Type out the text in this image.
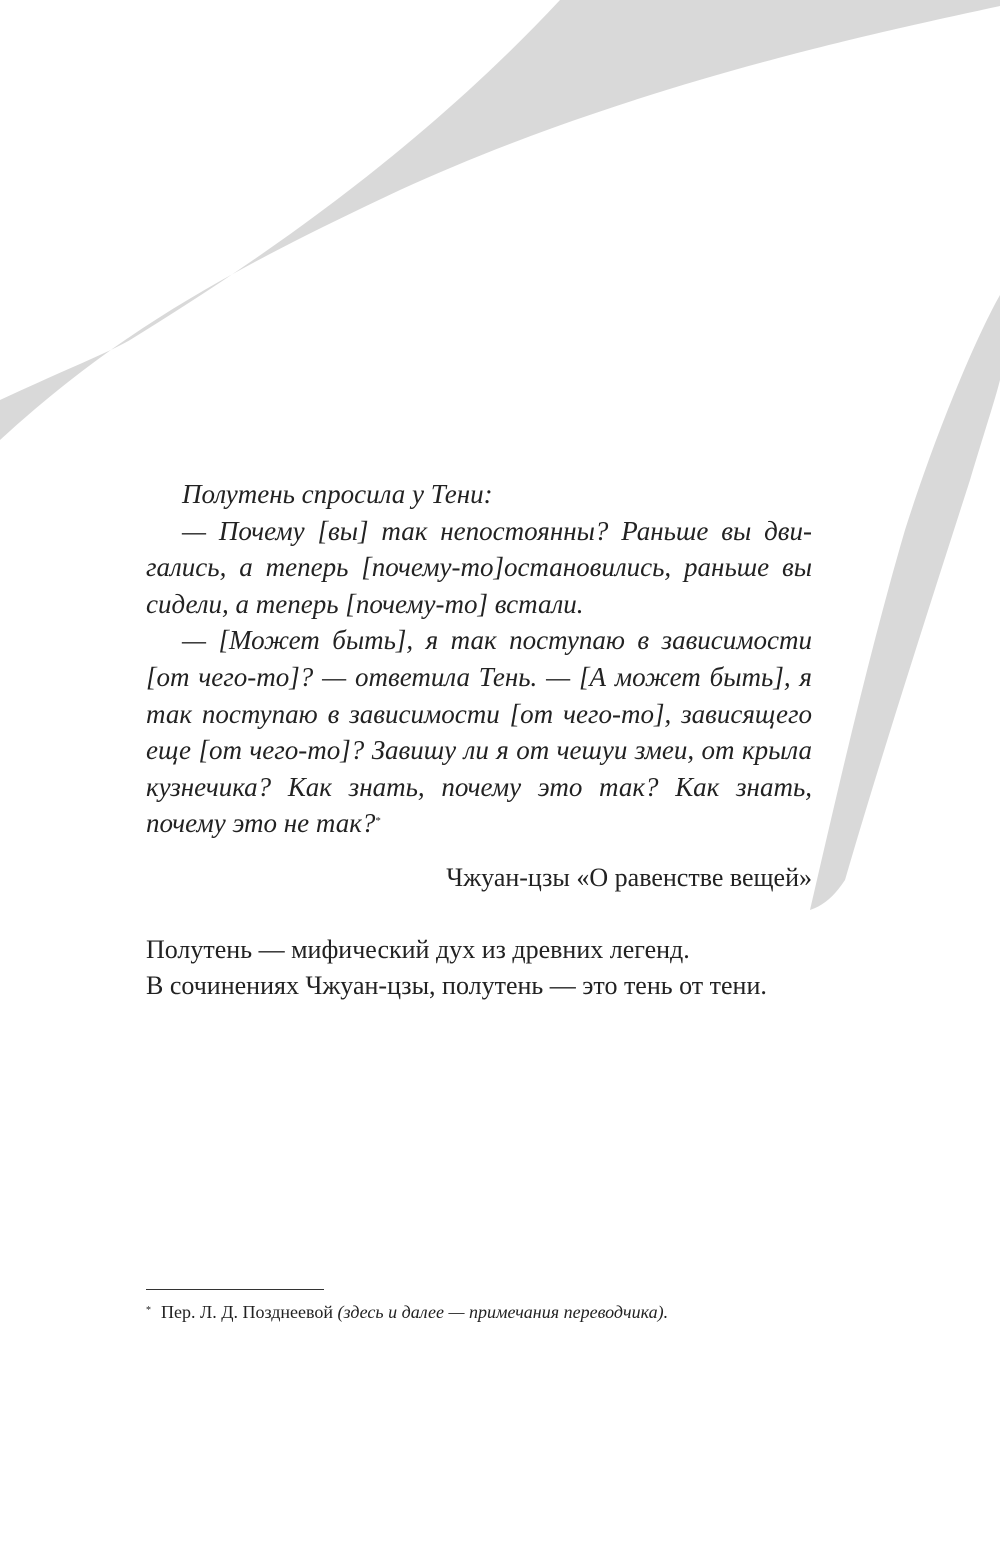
Полутень спросила у Тени:

— Почему [вы] так непостоянны? Раньше вы двигались, а теперь [почему-то]остановились, раньше вы сидели, а теперь [почему-то] встали.

— [Может быть], я так поступаю в зависимости [от чего-то]? — ответила Тень. — [А может быть], я так поступаю в зависимости [от чего-то], зависящего еще [от чего-то]? Завишу ли я от чешуи змеи, от крыла кузнечика? Как знать, почему это так? Как знать, почему это не так?*

Чжуан-цзы «О равенстве вещей»

Полутень — мифический дух из древних легенд.
В сочинениях Чжуан-цзы, полутень — это тень от тени.

* Пер. Л. Д. Позднеевой (здесь и далее — примечания переводчика).
